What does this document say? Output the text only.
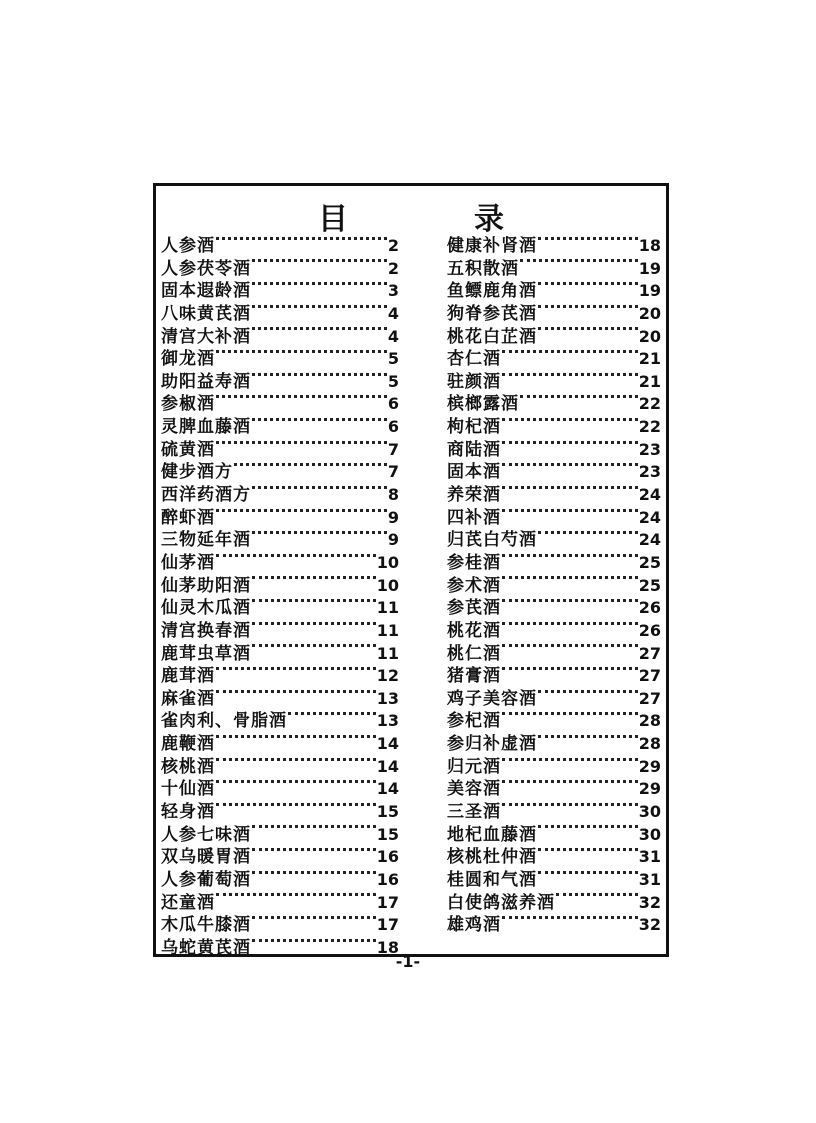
目　录
人参酒	2
人参茯苓酒	2
固本遐龄酒	3
八味黄芪酒	4
清宫大补酒	4
御龙酒	5
助阳益寿酒	5
参椒酒	6
灵脾血藤酒	6
硫黄酒	7
健步酒方	7
西洋药酒方	8
醉虾酒	9
三物延年酒	9
仙茅酒	10
仙茅助阳酒	10
仙灵木瓜酒	11
清宫换春酒	11
鹿茸虫草酒	11
鹿茸酒	12
麻雀酒	13
雀肉利、骨脂酒	13
鹿鞭酒	14
核桃酒	14
十仙酒	14
轻身酒	15
人参七味酒	15
双乌暖胃酒	16
人参葡萄酒	16
还童酒	17
木瓜牛膝酒	17
乌蛇黄芪酒	18
健康补肾酒	18
五积散酒	19
鱼鳔鹿角酒	19
狗脊参芪酒	20
桃花白芷酒	20
杏仁酒	21
驻颜酒	21
槟榔露酒	22
枸杞酒	22
商陆酒	23
固本酒	23
养荣酒	24
四补酒	24
归芪白芍酒	24
参桂酒	25
参术酒	25
参芪酒	26
桃花酒	26
桃仁酒	27
猪膏酒	27
鸡子美容酒	27
参杞酒	28
参归补虚酒	28
归元酒	29
美容酒	29
三圣酒	30
地杞血藤酒	30
核桃杜仲酒	31
桂圆和气酒	31
白使鸽滋养酒	32
雄鸡酒	32
-1-
